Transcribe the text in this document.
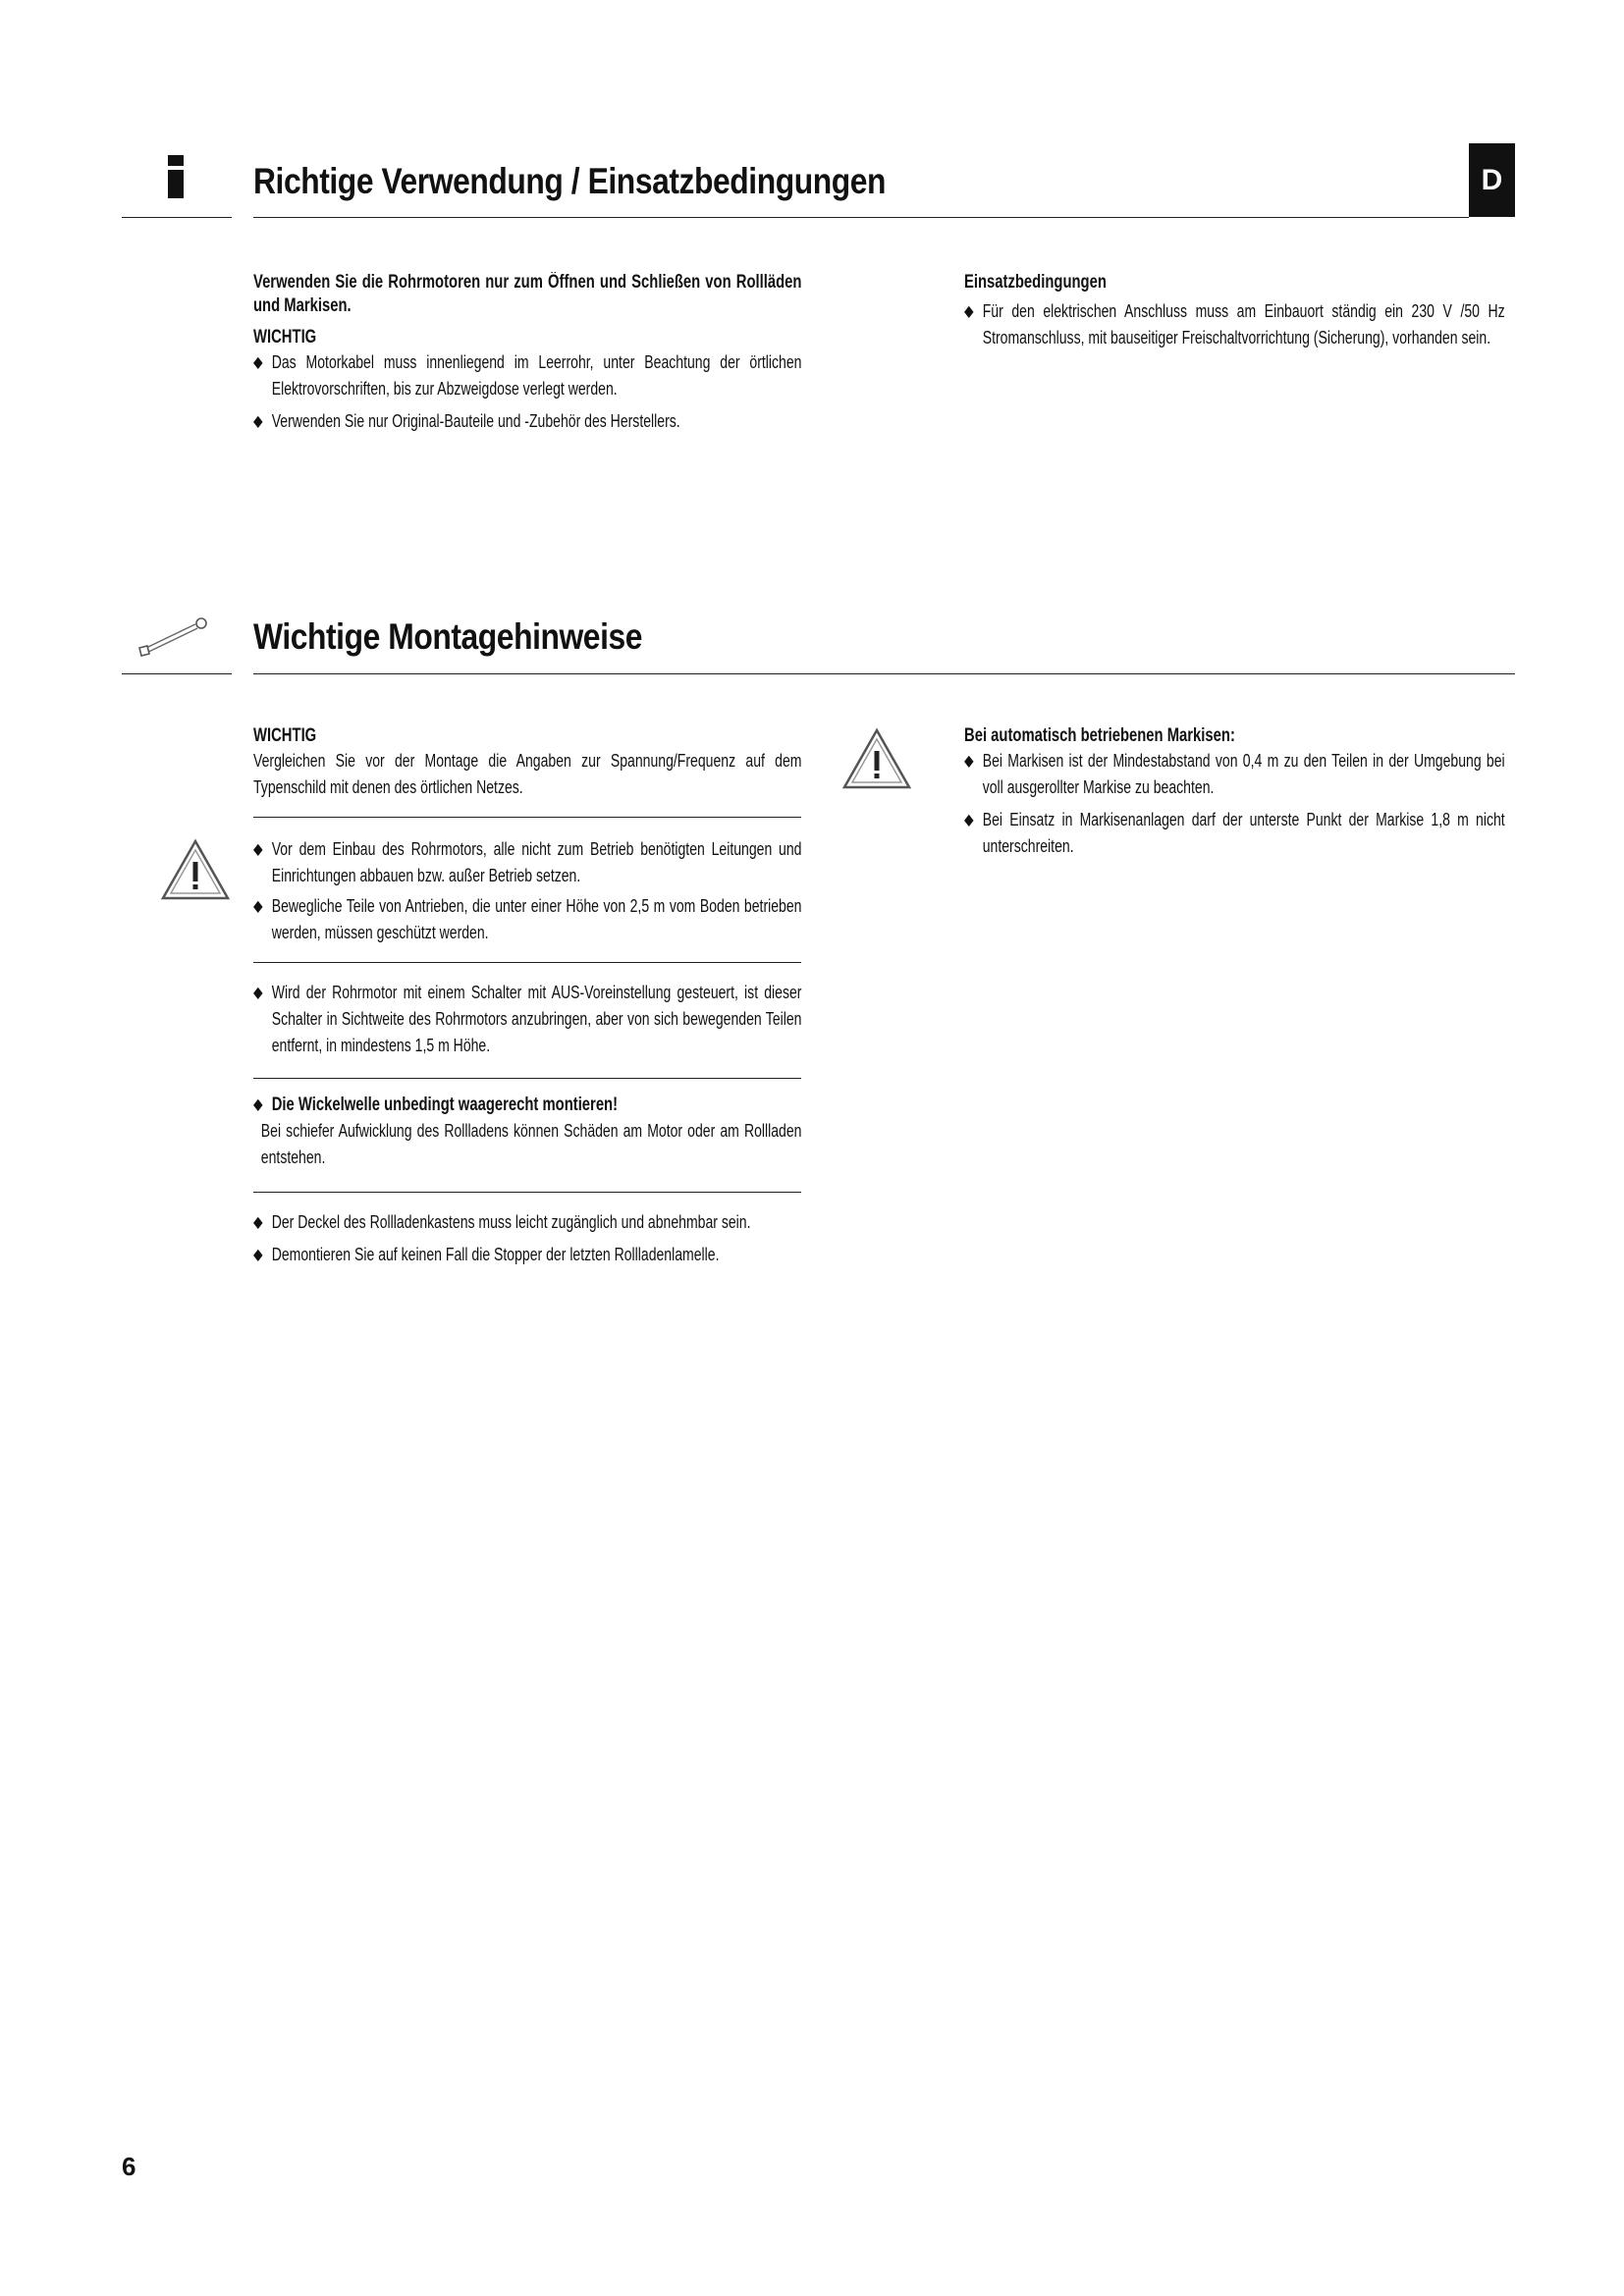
Richtige Verwendung / Einsatzbedingungen	D

Verwenden Sie die Rohrmotoren nur zum Öffnen und Schließen von Rollläden und Markisen.

WICHTIG

◆ Das Motorkabel muss innenliegend im Leerrohr, unter Beachtung der örtlichen Elektrovorschriften, bis zur Abzweigdose verlegt werden.

◆ Verwenden Sie nur Original-Bauteile und -Zubehör des Herstellers.

Einsatzbedingungen

◆ Für den elektrischen Anschluss muss am Einbauort ständig ein 230 V /50 Hz Stromanschluss, mit bauseitiger Freischaltvorrichtung (Sicherung), vorhanden sein.

Wichtige Montagehinweise

WICHTIG

Vergleichen Sie vor der Montage die Angaben zur Spannung/Frequenz auf dem Typenschild mit denen des örtlichen Netzes.

◆ Vor dem Einbau des Rohrmotors, alle nicht zum Betrieb benötigten Leitungen und Einrichtungen abbauen bzw. außer Betrieb setzen.

◆ Bewegliche Teile von Antrieben, die unter einer Höhe von 2,5 m vom Boden betrieben werden, müssen geschützt werden.

◆ Wird der Rohrmotor mit einem Schalter mit AUS-Voreinstellung gesteuert, ist dieser Schalter in Sichtweite des Rohrmotors anzubringen, aber von sich bewegenden Teilen entfernt, in mindestens 1,5 m Höhe.

◆ Die Wickelwelle unbedingt waagerecht montieren!

Bei schiefer Aufwicklung des Rollladens können Schäden am Motor oder am Rollladen entstehen.

◆ Der Deckel des Rollladenkastens muss leicht zugänglich und abnehmbar sein.

◆ Demontieren Sie auf keinen Fall die Stopper der letzten Rollladenlamelle.

Bei automatisch betriebenen Markisen:

◆ Bei Markisen ist der Mindestabstand von 0,4 m zu den Teilen in der Umgebung bei voll ausgerollter Markise zu beachten.

◆ Bei Einsatz in Markisenanlagen darf der unterste Punkt der Markise 1,8 m nicht unterschreiten.

6
